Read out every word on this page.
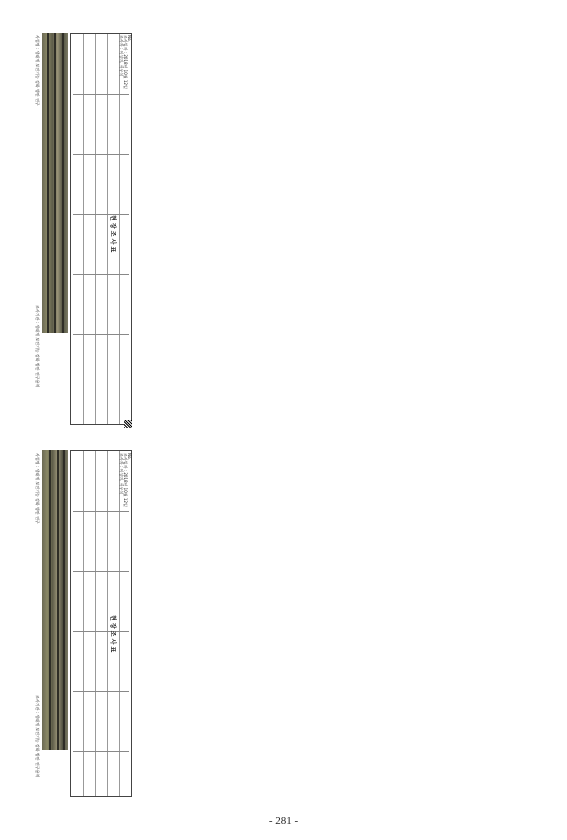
현 장 조 사 표
No.
조사일자 : 2018년 10월 12일
조사자 : 이성미, 서우석
사업명 : 생태계 보전기능 강화 방안 연구
조사기관 : 생태계 보전기능 강화 방안 연구용역
현 장 조 사 표
No.
조사일자 : 2018년 10월 12일
조사자 : 이성미, 서우석
사업명 : 생태계 보전기능 강화 방안 연구
조사기관 : 생태계 보전기능 강화 방안 연구용역
- 281 -
